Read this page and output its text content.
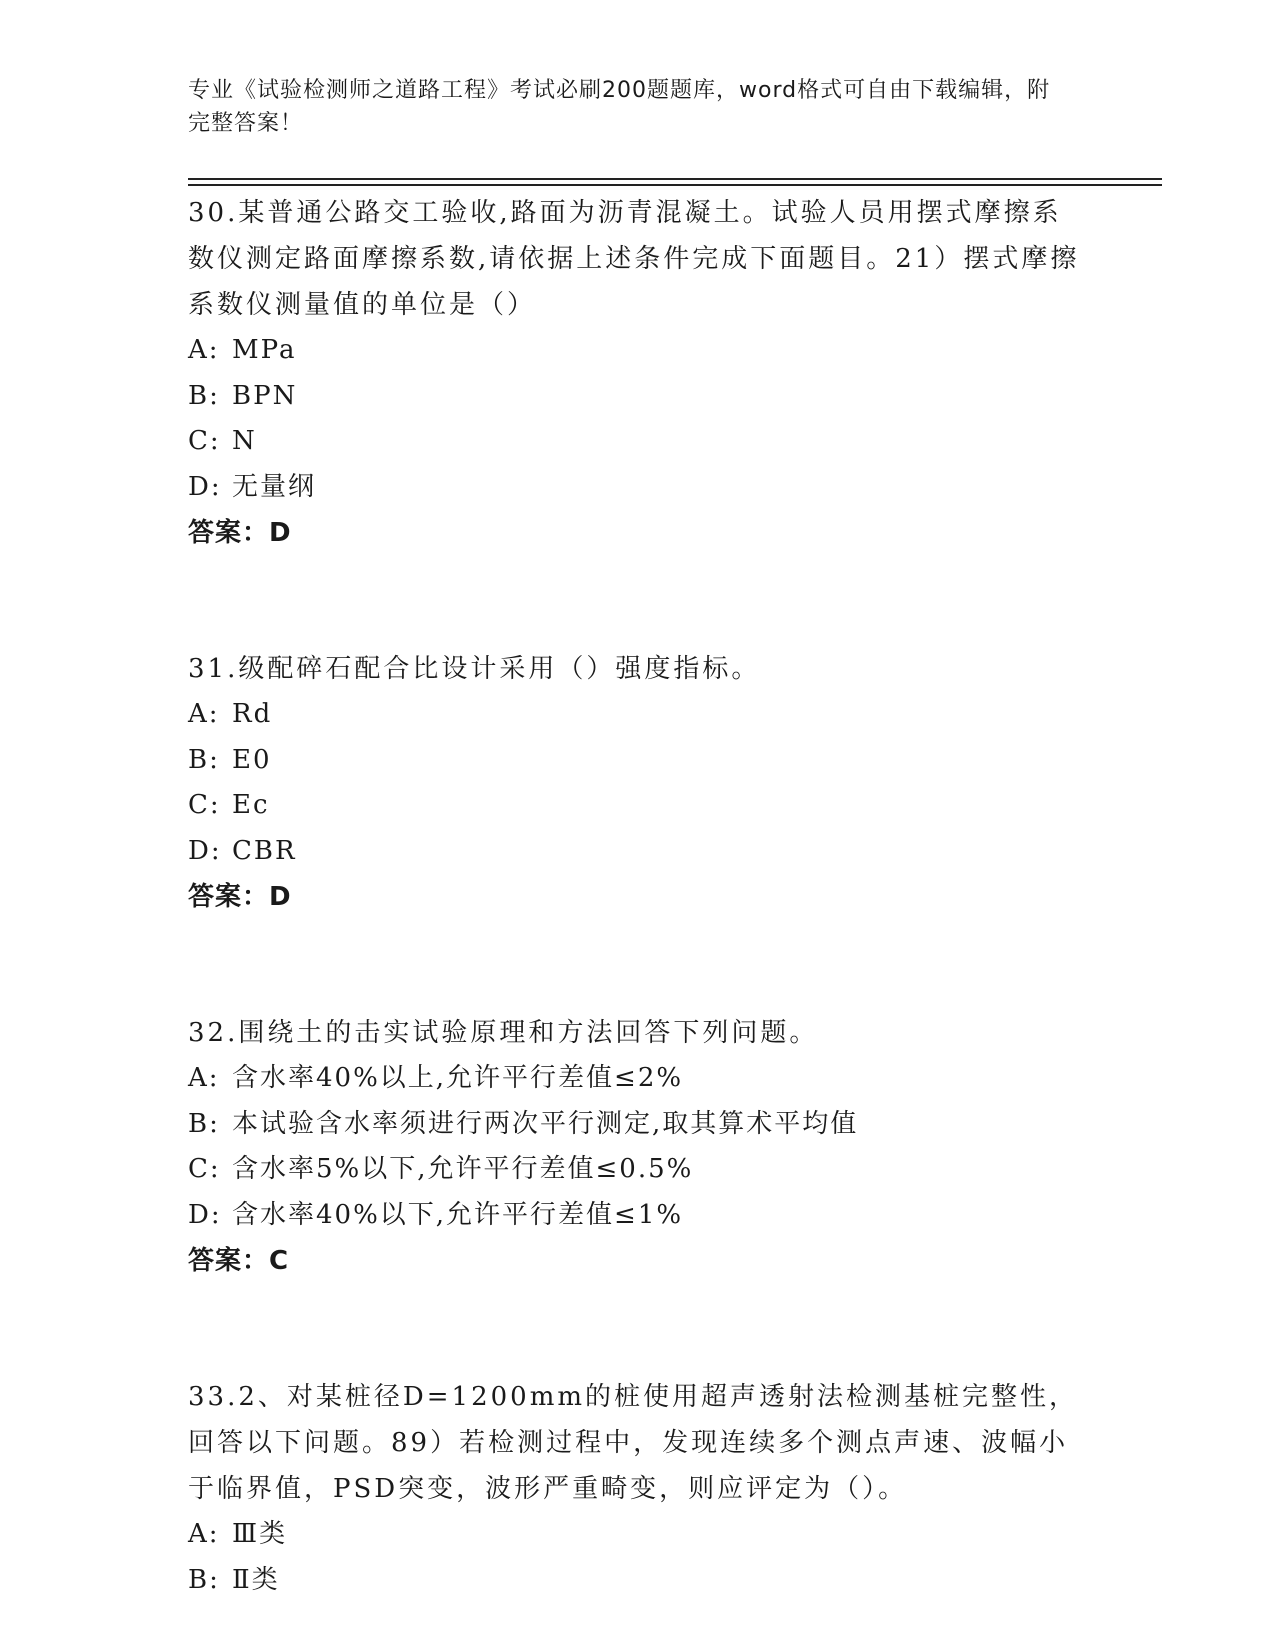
专业《试验检测师之道路工程》考试必刷200题题库，word格式可自由下载编辑，附完整答案！
30.某普通公路交工验收,路面为沥青混凝土。试验人员用摆式摩擦系数仪测定路面摩擦系数,请依据上述条件完成下面题目。21）摆式摩擦系数仪测量值的单位是（）
A: MPa
B: BPN
C: N
D: 无量纲
答案：D
31.级配碎石配合比设计采用（）强度指标。
A: Rd
B: E0
C: Ec
D: CBR
答案：D
32.围绕土的击实试验原理和方法回答下列问题。
A: 含水率40%以上,允许平行差值≤2%
B: 本试验含水率须进行两次平行测定,取其算术平均值
C: 含水率5%以下,允许平行差值≤0.5%
D: 含水率40%以下,允许平行差值≤1%
答案：C
33.2、对某桩径D=1200mm的桩使用超声透射法检测基桩完整性，回答以下问题。89）若检测过程中，发现连续多个测点声速、波幅小于临界值，PSD突变，波形严重畸变，则应评定为（）。
A: Ⅲ类
B: Ⅱ类
